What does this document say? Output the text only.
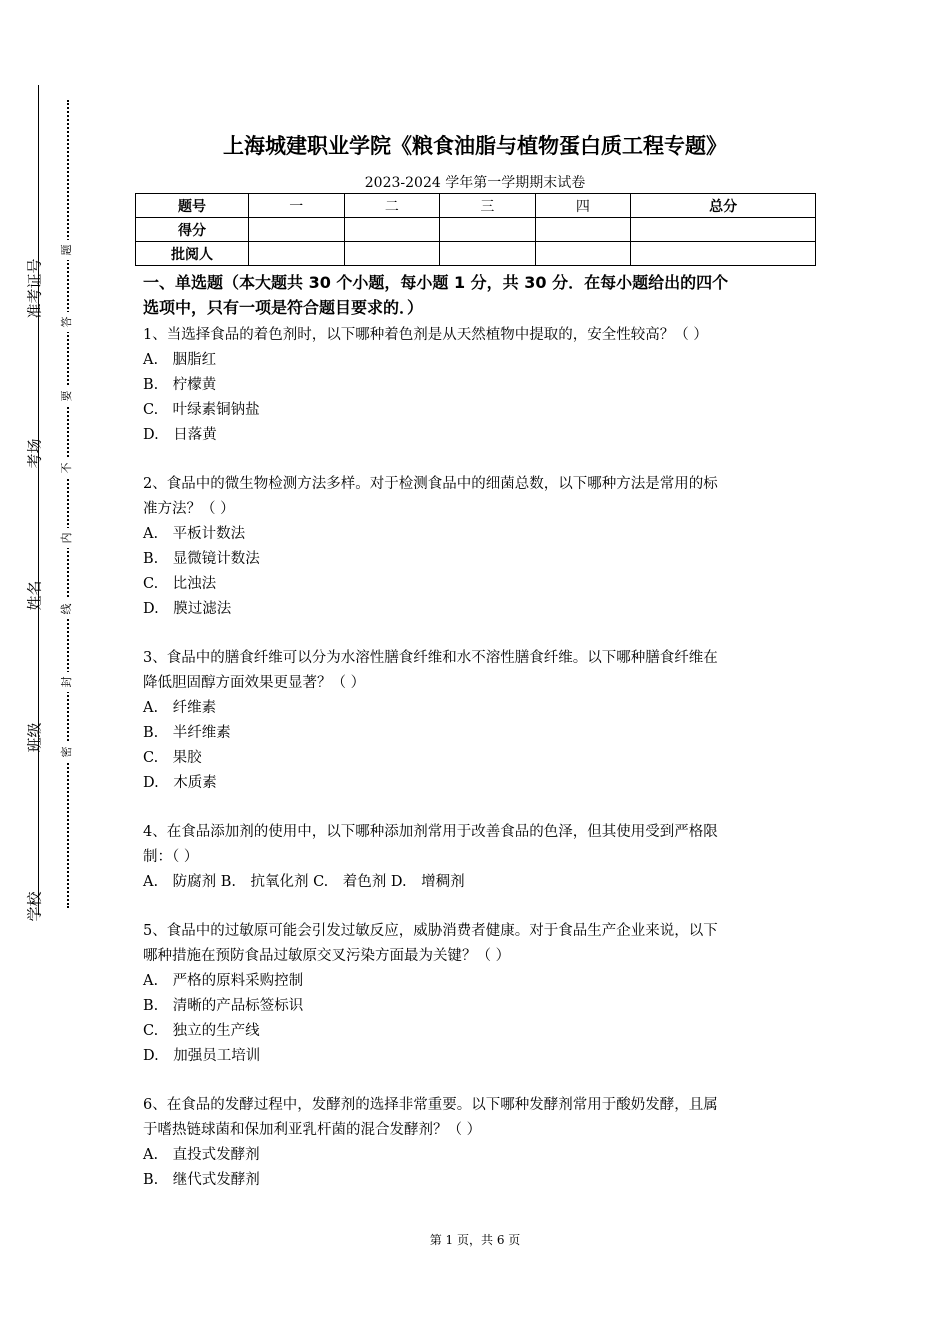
学校
班级
姓名
考场
准考证号
密
封
线
内
不
要
答
题
上海城建职业学院《粮食油脂与植物蛋白质工程专题》
2023-2024 学年第一学期期末试卷
题号	一	二	三	四	总分
得分					
批阅人					
一、单选题（本大题共 30 个小题，每小题 1 分，共 30 分．在每小题给出的四个
选项中，只有一项是符合题目要求的．）

1、当选择食品的着色剂时，以下哪种着色剂是从天然植物中提取的，安全性较高？（ ）

A.　胭脂红

B.　柠檬黄

C.　叶绿素铜钠盐

D.　日落黄

2、食品中的微生物检测方法多样。对于检测食品中的细菌总数，以下哪种方法是常用的标

准方法？（ ）

A.　平板计数法

B.　显微镜计数法

C.　比浊法

D.　膜过滤法

3、食品中的膳食纤维可以分为水溶性膳食纤维和水不溶性膳食纤维。以下哪种膳食纤维在

降低胆固醇方面效果更显著？（ ）

A.　纤维素

B.　半纤维素

C.　果胶

D.　木质素

4、在食品添加剂的使用中，以下哪种添加剂常用于改善食品的色泽，但其使用受到严格限

制：（ ）

A.　防腐剂 B.　抗氧化剂 C.　着色剂 D.　增稠剂

5、食品中的过敏原可能会引发过敏反应，威胁消费者健康。对于食品生产企业来说，以下

哪种措施在预防食品过敏原交叉污染方面最为关键？（ ）

A.　严格的原料采购控制

B.　清晰的产品标签标识

C.　独立的生产线

D.　加强员工培训

6、在食品的发酵过程中，发酵剂的选择非常重要。以下哪种发酵剂常用于酸奶发酵，且属

于嗜热链球菌和保加利亚乳杆菌的混合发酵剂？（ ）

A.　直投式发酵剂

B.　继代式发酵剂

第 1 页，共 6 页
